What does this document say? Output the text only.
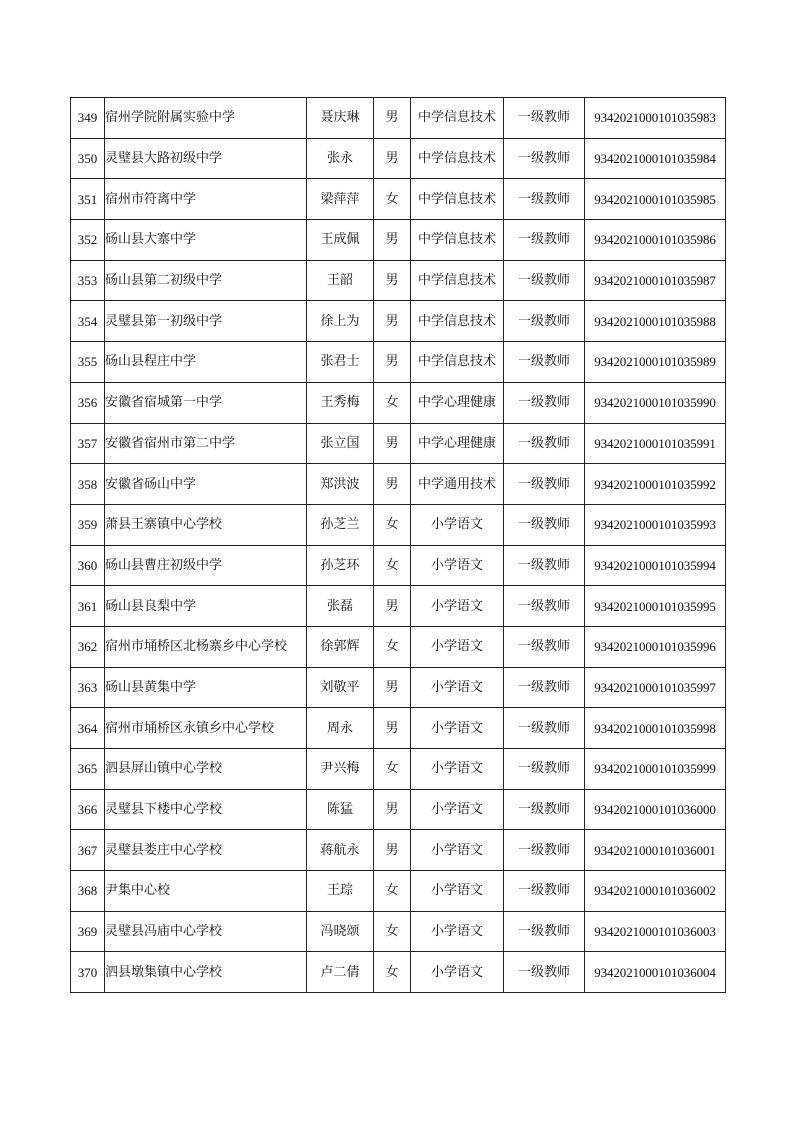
349	宿州学院附属实验中学	聂庆琳	男	中学信息技术	一级教师	9342021000101035983
350	灵璧县大路初级中学	张永	男	中学信息技术	一级教师	9342021000101035984
351	宿州市符离中学	梁萍萍	女	中学信息技术	一级教师	9342021000101035985
352	砀山县大寨中学	王成佩	男	中学信息技术	一级教师	9342021000101035986
353	砀山县第二初级中学	王韶	男	中学信息技术	一级教师	9342021000101035987
354	灵璧县第一初级中学	徐上为	男	中学信息技术	一级教师	9342021000101035988
355	砀山县程庄中学	张君士	男	中学信息技术	一级教师	9342021000101035989
356	安徽省宿城第一中学	王秀梅	女	中学心理健康	一级教师	9342021000101035990
357	安徽省宿州市第二中学	张立国	男	中学心理健康	一级教师	9342021000101035991
358	安徽省砀山中学	郑洪波	男	中学通用技术	一级教师	9342021000101035992
359	萧县王寨镇中心学校	孙芝兰	女	小学语文	一级教师	9342021000101035993
360	砀山县曹庄初级中学	孙芝环	女	小学语文	一级教师	9342021000101035994
361	砀山县良梨中学	张磊	男	小学语文	一级教师	9342021000101035995
362	宿州市埇桥区北杨寨乡中心学校	徐郭辉	女	小学语文	一级教师	9342021000101035996
363	砀山县黄集中学	刘敬平	男	小学语文	一级教师	9342021000101035997
364	宿州市埇桥区永镇乡中心学校	周永	男	小学语文	一级教师	9342021000101035998
365	泗县屏山镇中心学校	尹兴梅	女	小学语文	一级教师	9342021000101035999
366	灵璧县下楼中心学校	陈猛	男	小学语文	一级教师	9342021000101036000
367	灵璧县娄庄中心学校	蒋航永	男	小学语文	一级教师	9342021000101036001
368	尹集中心校	王琮	女	小学语文	一级教师	9342021000101036002
369	灵璧县冯庙中心学校	冯晓颂	女	小学语文	一级教师	9342021000101036003
370	泗县墩集镇中心学校	卢二倩	女	小学语文	一级教师	9342021000101036004
